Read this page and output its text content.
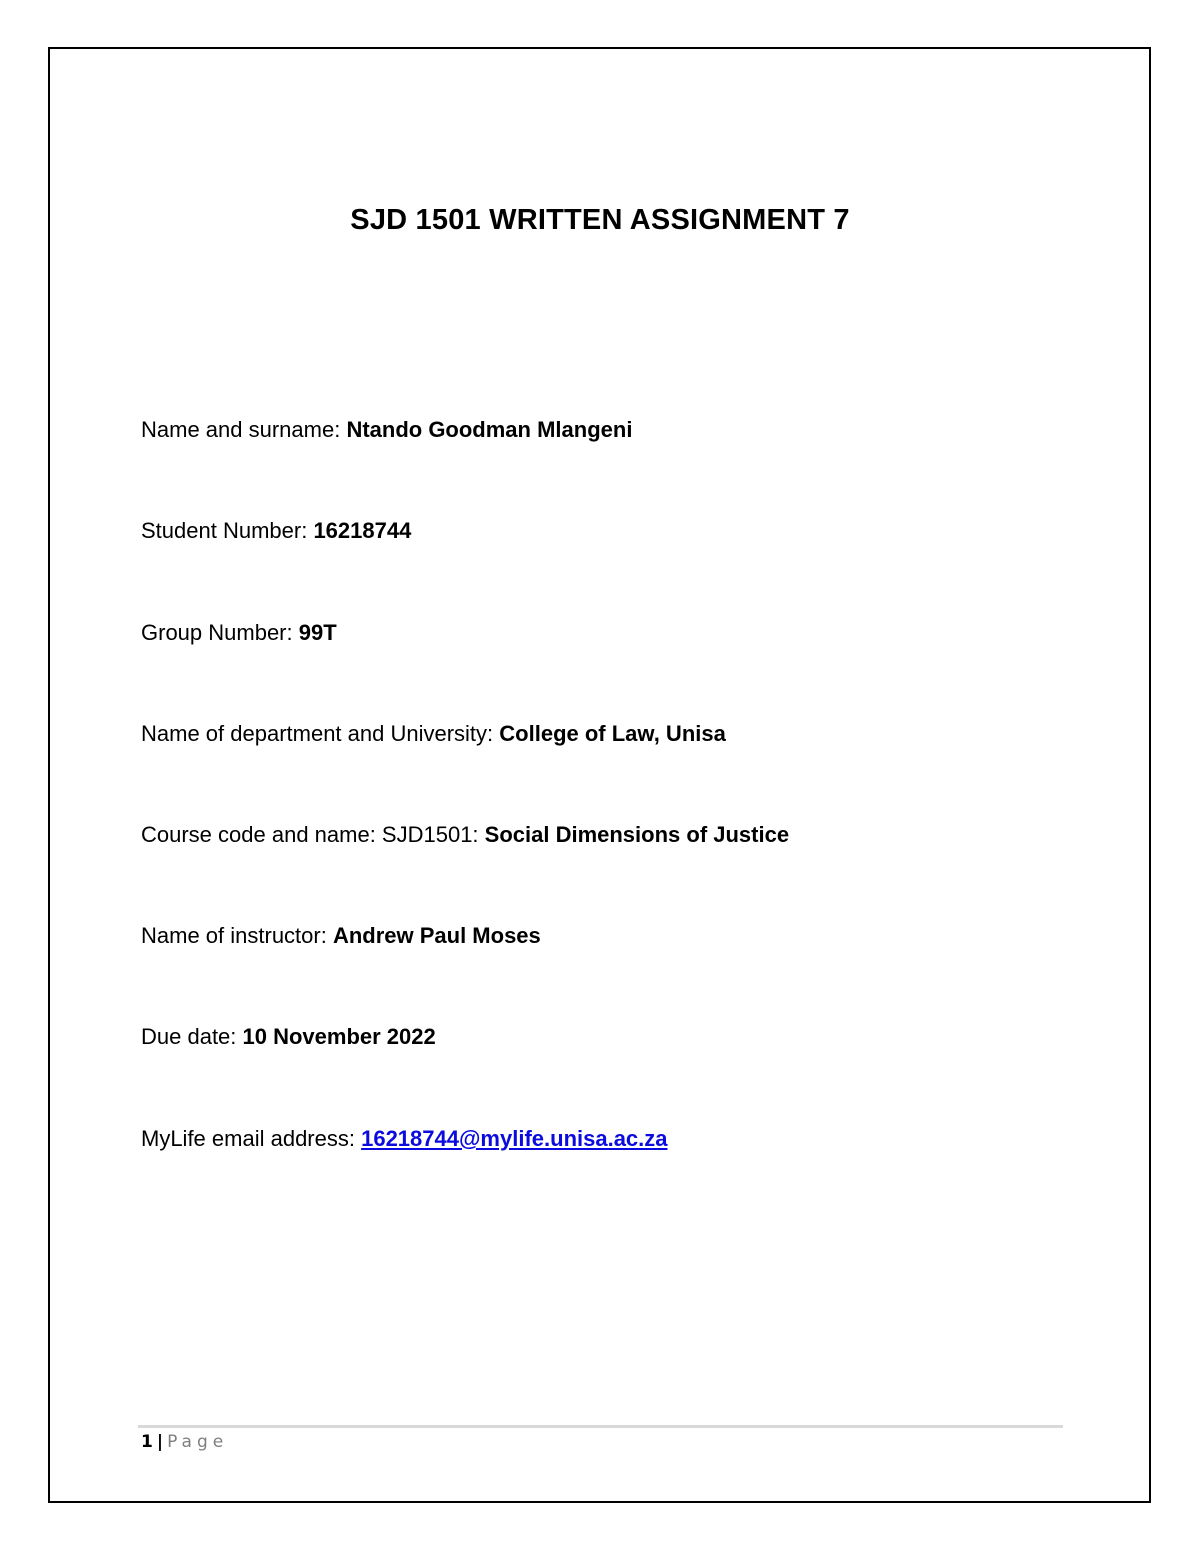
SJD 1501 WRITTEN ASSIGNMENT 7
Name and surname: Ntando Goodman Mlangeni
Student Number: 16218744
Group Number: 99T
Name of department and University: College of Law, Unisa
Course code and name: SJD1501: Social Dimensions of Justice
Name of instructor: Andrew Paul Moses
Due date: 10 November 2022
MyLife email address: 16218744@mylife.unisa.ac.za
1 | Page
